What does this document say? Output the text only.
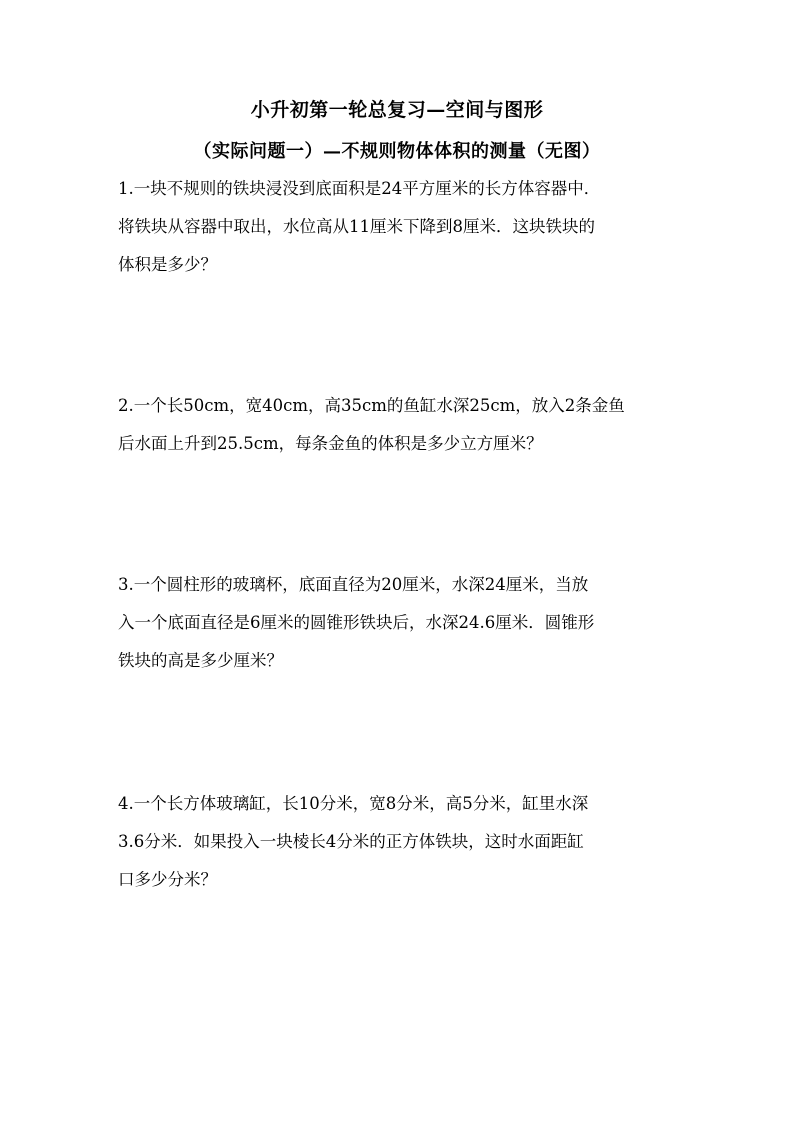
小升初第一轮总复习—空间与图形
（实际问题一）—不规则物体体积的测量（无图）

1.一块不规则的铁块浸没到底面积是24平方厘米的长方体容器中．

将铁块从容器中取出，水位高从11厘米下降到8厘米．这块铁块的

体积是多少？

2.一个长50cm，宽40cm，高35cm的鱼缸水深25cm，放入2条金鱼

后水面上升到25.5cm，每条金鱼的体积是多少立方厘米？

3.一个圆柱形的玻璃杯，底面直径为20厘米，水深24厘米，当放

入一个底面直径是6厘米的圆锥形铁块后，水深24.6厘米．圆锥形

铁块的高是多少厘米？

4.一个长方体玻璃缸，长10分米，宽8分米，高5分米，缸里水深

3.6分米．如果投入一块棱长4分米的正方体铁块，这时水面距缸

口多少分米？
